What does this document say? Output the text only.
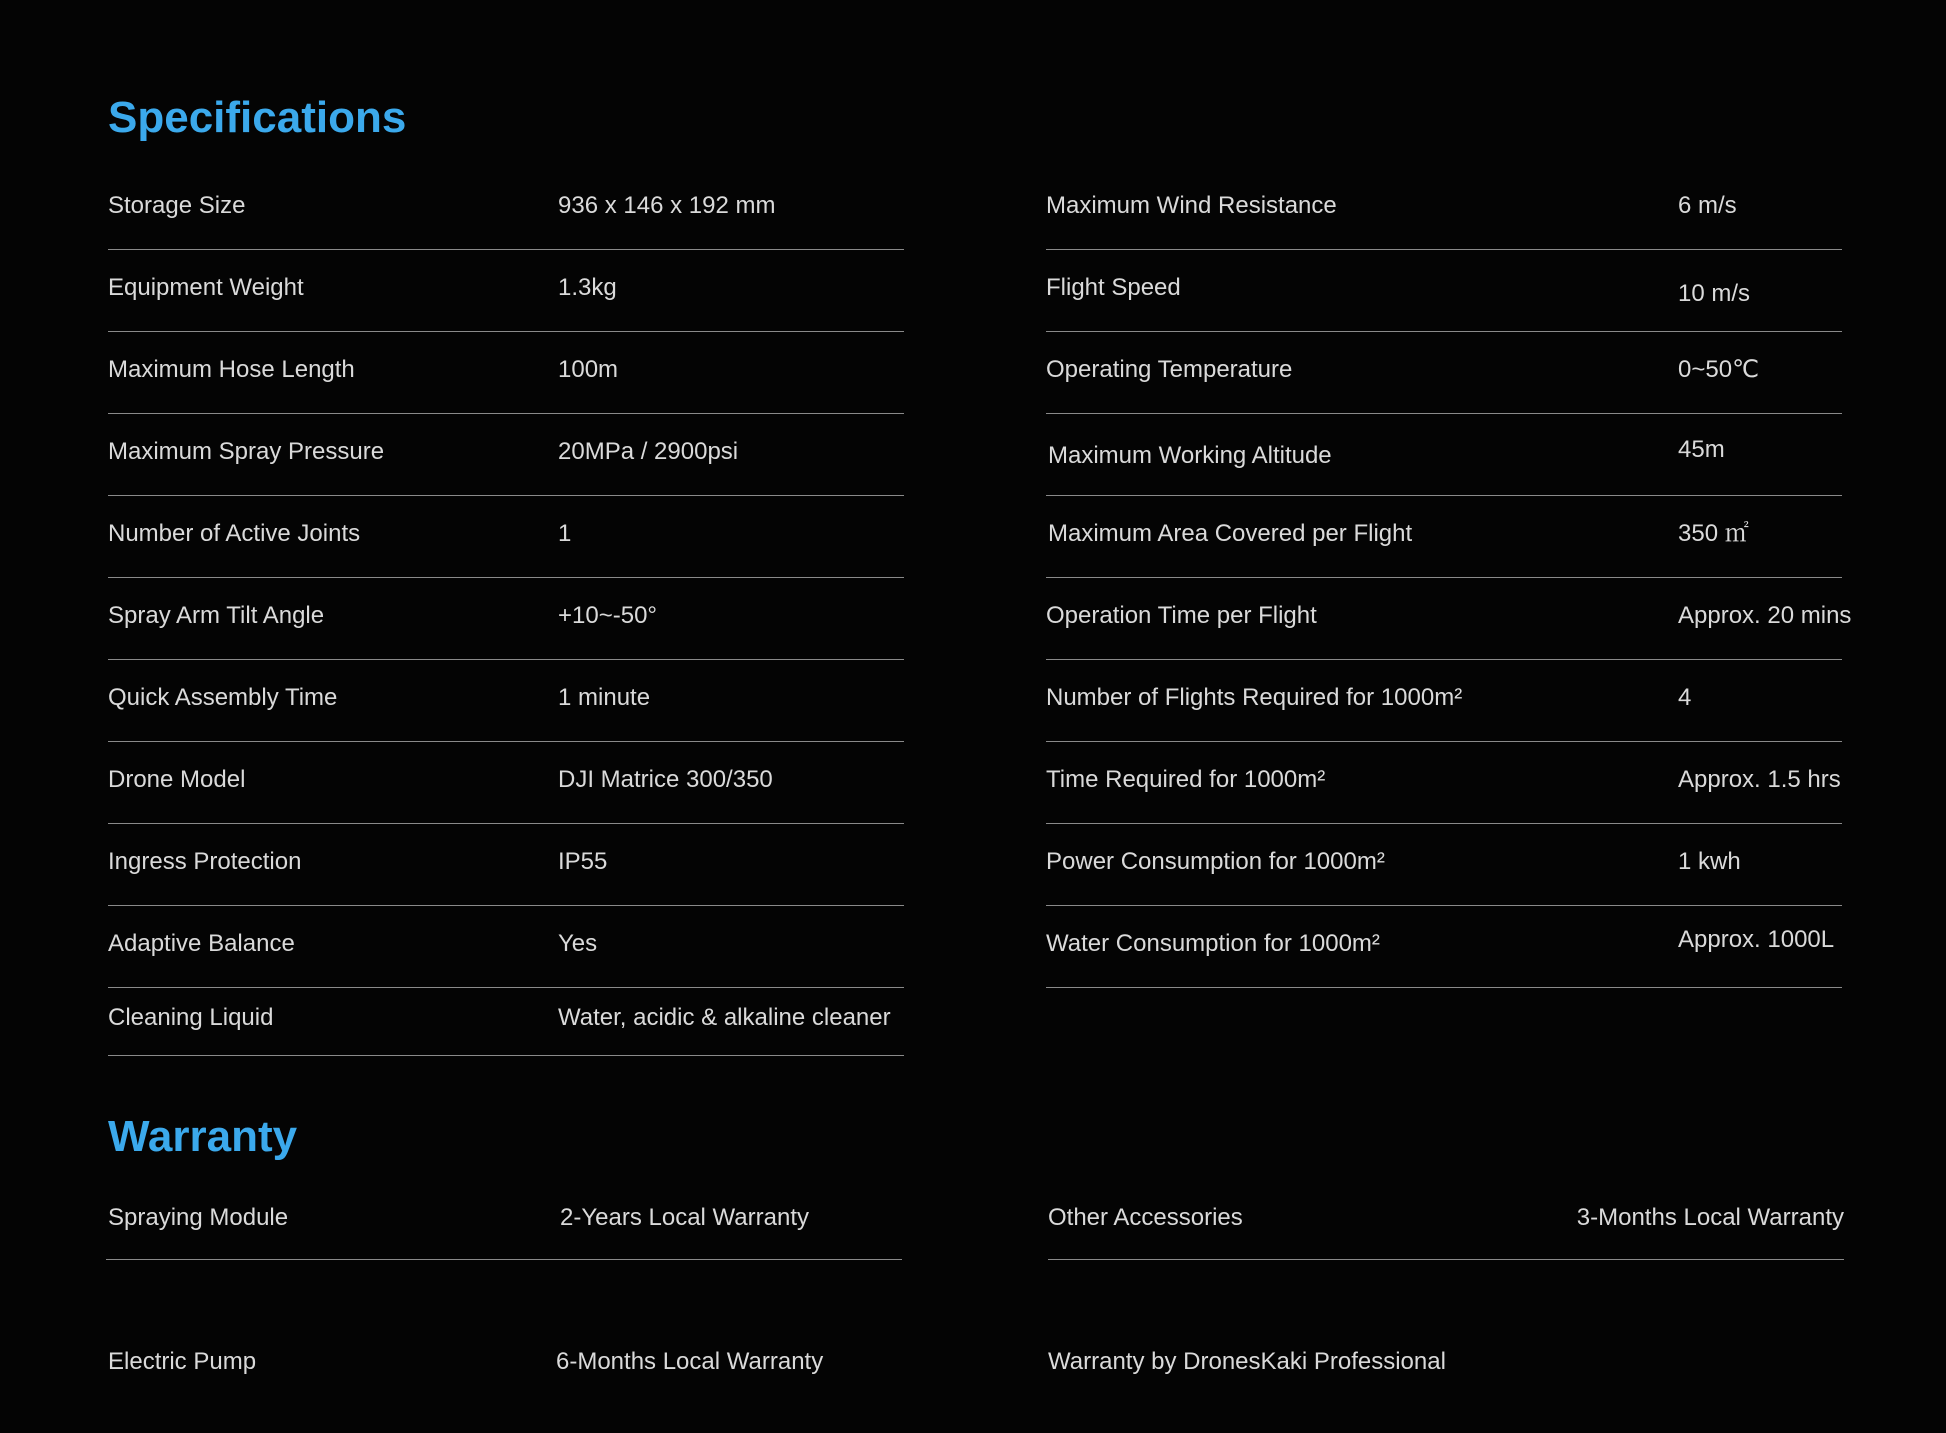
Specifications
Storage Size	936 x 146 x 192 mm
Equipment Weight	1.3kg
Maximum Hose Length	100m
Maximum Spray Pressure	20MPa / 2900psi
Number of Active Joints	1
Spray Arm Tilt Angle	+10~-50°
Quick Assembly Time	1 minute
Drone Model	DJI Matrice 300/350
Ingress Protection	IP55
Adaptive Balance	Yes
Cleaning Liquid	Water, acidic & alkaline cleaner
Maximum Wind Resistance	6 m/s
Flight Speed	10 m/s
Operating Temperature	0~50℃
Maximum Working Altitude	45m
Maximum Area Covered per Flight	350 ㎡
Operation Time per Flight	Approx. 20 mins
Number of Flights Required for 1000m²	4
Time Required for 1000m²	Approx. 1.5 hrs
Power Consumption for 1000m²	1 kwh
Water Consumption for 1000m²	Approx. 1000L
Warranty
Spraying Module	2-Years Local Warranty
Electric Pump	6-Months Local Warranty
Other Accessories	3-Months Local Warranty
Warranty by DronesKaki Professional
